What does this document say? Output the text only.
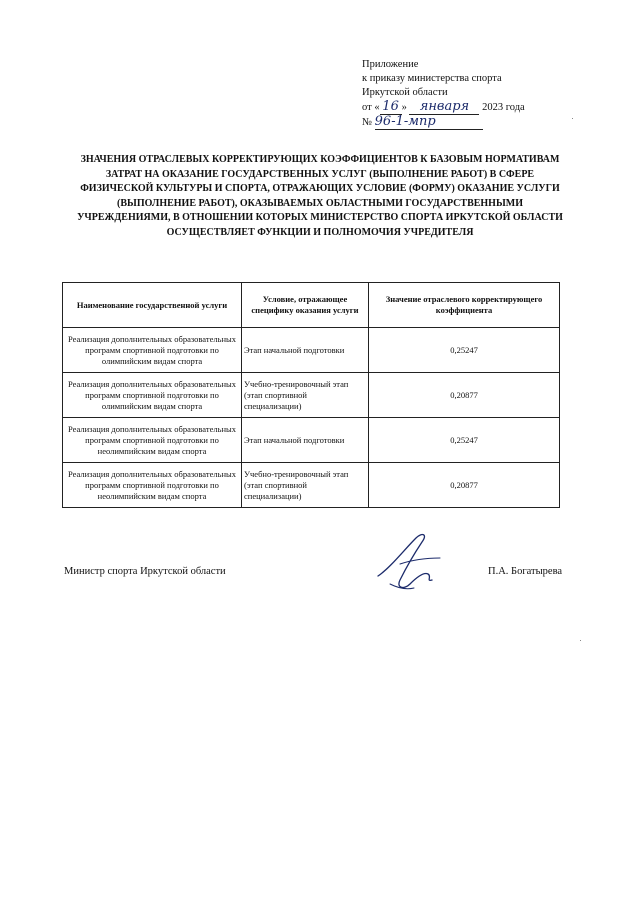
Приложение
к приказу министерства спорта
Иркутской области
от « 16 » января 2023 года
№ 96-1-мпр
ЗНАЧЕНИЯ ОТРАСЛЕВЫХ КОРРЕКТИРУЮЩИХ КОЭФФИЦИЕНТОВ К БАЗОВЫМ НОРМАТИВАМ ЗАТРАТ НА ОКАЗАНИЕ ГОСУДАРСТВЕННЫХ УСЛУГ (ВЫПОЛНЕНИЕ РАБОТ) В СФЕРЕ ФИЗИЧЕСКОЙ КУЛЬТУРЫ И СПОРТА, ОТРАЖАЮЩИХ УСЛОВИЕ (ФОРМУ) ОКАЗАНИЕ УСЛУГИ (ВЫПОЛНЕНИЕ РАБОТ), ОКАЗЫВАЕМЫХ ОБЛАСТНЫМИ ГОСУДАРСТВЕННЫМИ УЧРЕЖДЕНИЯМИ, В ОТНОШЕНИИ КОТОРЫХ МИНИСТЕРСТВО СПОРТА ИРКУТСКОЙ ОБЛАСТИ ОСУЩЕСТВЛЯЕТ ФУНКЦИИ И ПОЛНОМОЧИЯ УЧРЕДИТЕЛЯ
Наименование государственной услуги	Условие, отражающее специфику оказания услуги	Значение отраслевого корректирующего коэффициента
Реализация дополнительных образовательных программ спортивной подготовки по олимпийским видам спорта	Этап начальной подготовки	0,25247
Реализация дополнительных образовательных программ спортивной подготовки по олимпийским видам спорта	Учебно-тренировочный этап (этап спортивной специализации)	0,20877
Реализация дополнительных образовательных программ спортивной подготовки по неолимпийским видам спорта	Этап начальной подготовки	0,25247
Реализация дополнительных образовательных программ спортивной подготовки по неолимпийским видам спорта	Учебно-тренировочный этап (этап спортивной специализации)	0,20877
Министр спорта Иркутской области	П.А. Богатырева
